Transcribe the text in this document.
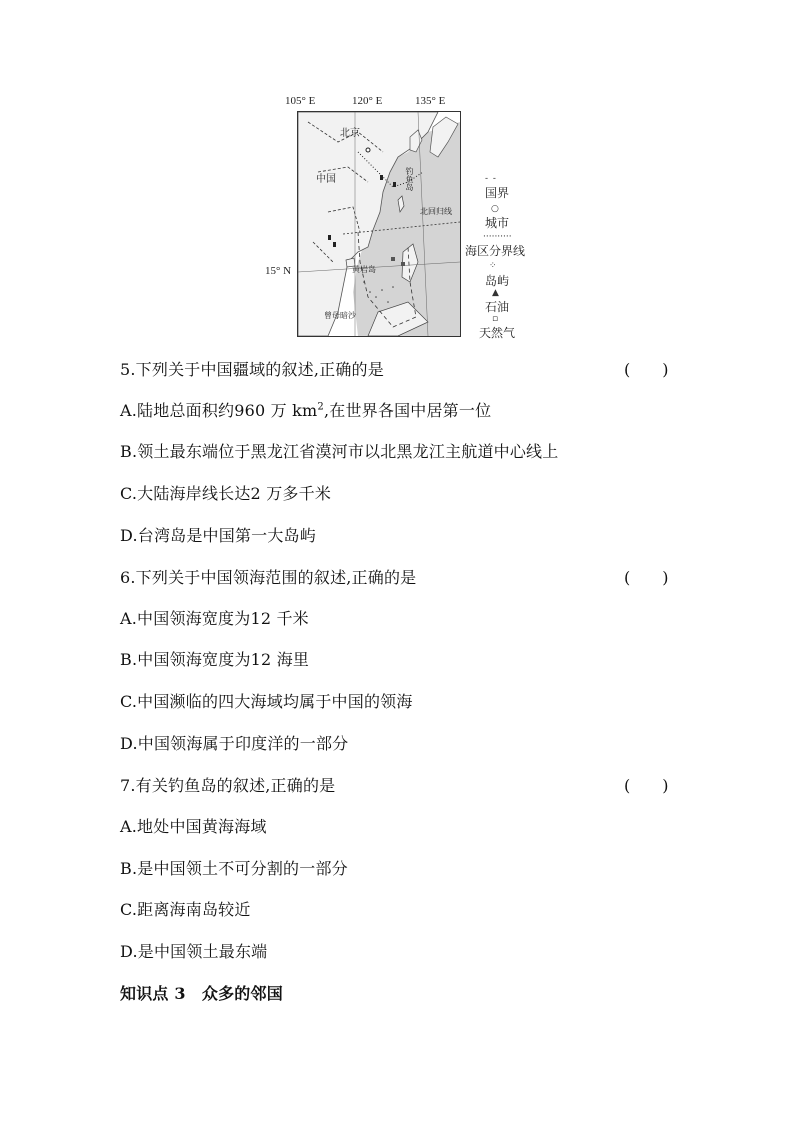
105° E	120° E	135° E
15° N
北京
中国	钓鱼岛
北回归线
黄岩岛
曾母暗沙
- -
国界
○
城市
··········
海区分界线
⁘
岛屿
▲
石油
▫
天然气
5.下列关于中国疆域的叙述,正确的是	(　　)
A.陆地总面积约960 万 $km^2$,在世界各国中居第一位
B.领土最东端位于黑龙江省漠河市以北黑龙江主航道中心线上
C.大陆海岸线长达2 万多千米
D.台湾岛是中国第一大岛屿
6.下列关于中国领海范围的叙述,正确的是	(　　)
A.中国领海宽度为12 千米
B.中国领海宽度为12 海里
C.中国濒临的四大海域均属于中国的领海
D.中国领海属于印度洋的一部分
7.有关钓鱼岛的叙述,正确的是	(　　)
A.地处中国黄海海域
B.是中国领土不可分割的一部分
C.距离海南岛较近
D.是中国领土最东端
知识点 3　众多的邻国
